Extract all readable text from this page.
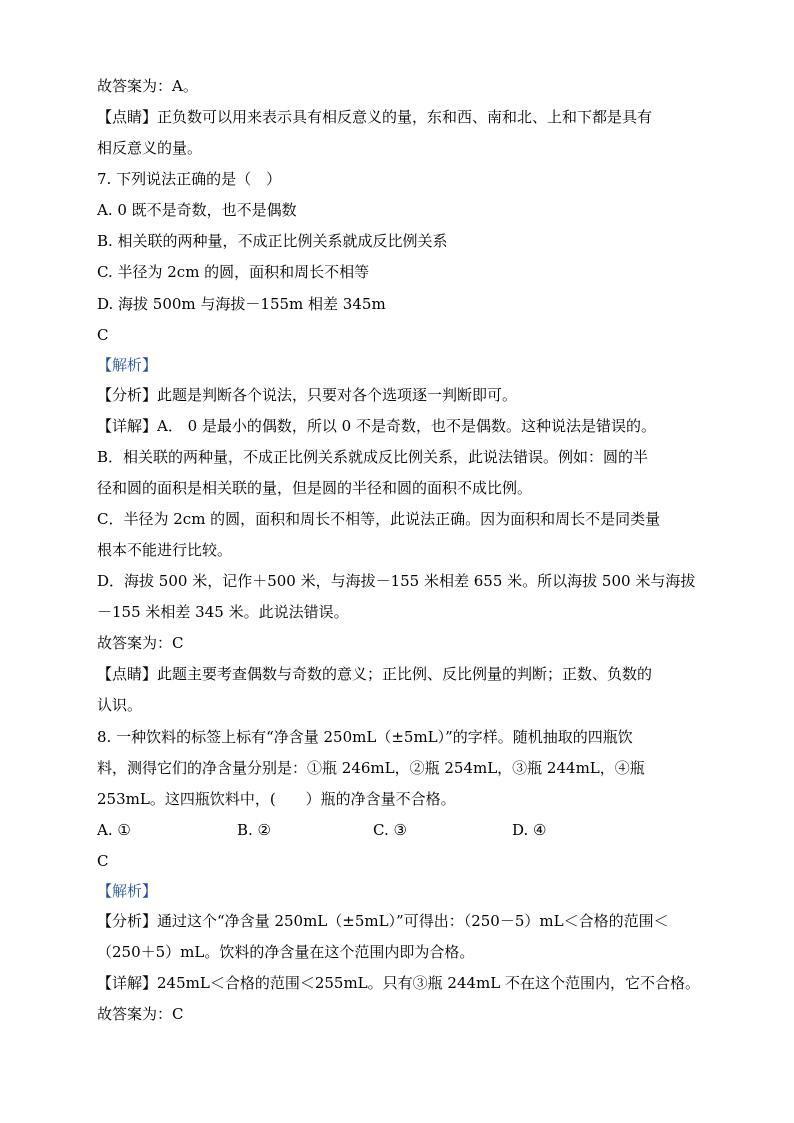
故答案为：A。
【点睛】正负数可以用来表示具有相反意义的量，东和西、南和北、上和下都是具有
相反意义的量。
7. 下列说法正确的是（　）
A. 0 既不是奇数，也不是偶数
B. 相关联的两种量，不成正比例关系就成反比例关系
C. 半径为 2cm 的圆，面积和周长不相等
D. 海拔 500m 与海拔－155m 相差 345m
C
【解析】
【分析】此题是判断各个说法，只要对各个选项逐一判断即可。
【详解】A． 0 是最小的偶数，所以 0 不是奇数，也不是偶数。这种说法是错误的。
B．相关联的两种量，不成正比例关系就成反比例关系，此说法错误。例如：圆的半
径和圆的面积是相关联的量，但是圆的半径和圆的面积不成比例。
C．半径为 2cm 的圆，面积和周长不相等，此说法正确。因为面积和周长不是同类量
根本不能进行比较。
D．海拔 500 米，记作＋500 米，与海拔－155 米相差 655 米。所以海拔 500 米与海拔
－155 米相差 345 米。此说法错误。
故答案为：C
【点睛】此题主要考查偶数与奇数的意义；正比例、反比例量的判断；正数、负数的
认识。
8. 一种饮料的标签上标有“净含量 250mL（±5mL）”的字样。随机抽取的四瓶饮
料，测得它们的净含量分别是：①瓶 246mL，②瓶 254mL，③瓶 244mL，④瓶
253mL。这四瓶饮料中，(　　）瓶的净含量不合格。
A. ①	B. ②	C. ③	D. ④
C
【解析】
【分析】通过这个“净含量 250mL（±5mL）”可得出：（250－5）mL＜合格的范围＜
（250＋5）mL。饮料的净含量在这个范围内即为合格。
【详解】245mL＜合格的范围＜255mL。只有③瓶 244mL 不在这个范围内，它不合格。
故答案为：C
